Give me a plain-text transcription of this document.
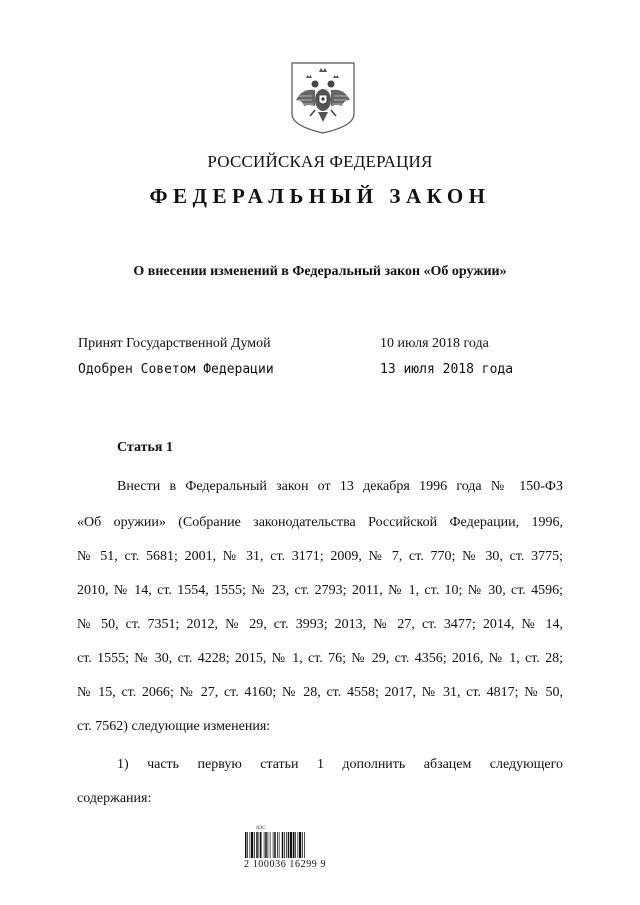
РОССИЙСКАЯ ФЕДЕРАЦИЯ
ФЕДЕРАЛЬНЫЙ ЗАКОН
О внесении изменений в Федеральный закон «Об оружии»
Принят Государственной Думой	10 июля 2018 года
Одобрен Советом Федерации	13 июля 2018 года
Статья 1
Внести в Федеральный закон от 13 декабря 1996 года № 150-ФЗ
«Об оружии» (Собрание законодательства Российской Федерации, 1996,
№ 51, ст. 5681; 2001, № 31, ст. 3171; 2009, № 7, ст. 770; № 30, ст. 3775;
2010, № 14, ст. 1554, 1555; № 23, ст. 2793; 2011, № 1, ст. 10; № 30, ст. 4596;
№ 50, ст. 7351; 2012, № 29, ст. 3993; 2013, № 27, ст. 3477; 2014, № 14,
ст. 1555; № 30, ст. 4228; 2015, № 1, ст. 76; № 29, ст. 4356; 2016, № 1, ст. 28;
№ 15, ст. 2066; № 27, ст. 4160; № 28, ст. 4558; 2017, № 31, ст. 4817; № 50,
ст. 7562) следующие изменения:
1) часть первую статьи 1 дополнить абзацем следующего
содержания:
АЭС
2 100036 16299 9
